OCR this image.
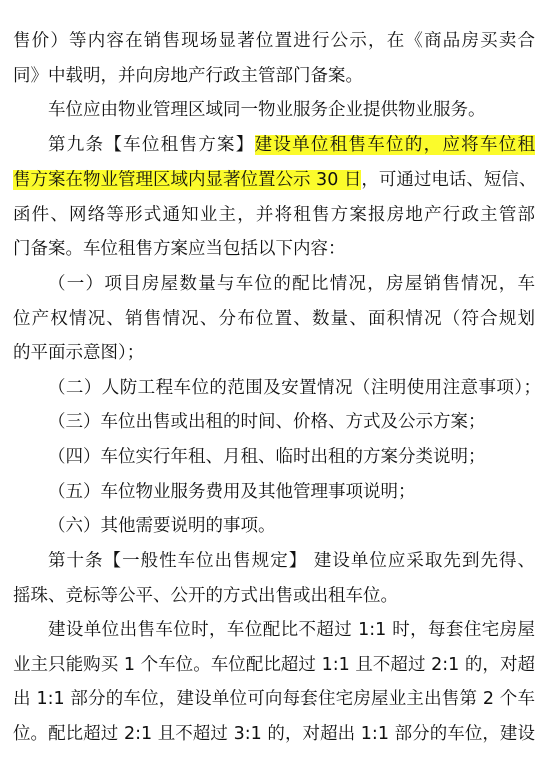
售价）等内容在销售现场显著位置进行公示，在《商品房买卖合
同》中载明，并向房地产行政主管部门备案。
车位应由物业管理区域同一物业服务企业提供物业服务。
第九条【车位租售方案】建设单位租售车位的，应将车位租
售方案在物业管理区域内显著位置公示 30 日，可通过电话、短信、
函件、网络等形式通知业主，并将租售方案报房地产行政主管部
门备案。车位租售方案应当包括以下内容：
（一）项目房屋数量与车位的配比情况，房屋销售情况，车
位产权情况、销售情况、分布位置、数量、面积情况（符合规划
的平面示意图）；
（二）人防工程车位的范围及安置情况（注明使用注意事项）；
（三）车位出售或出租的时间、价格、方式及公示方案；
（四）车位实行年租、月租、临时出租的方案分类说明；
（五）车位物业服务费用及其他管理事项说明；
（六）其他需要说明的事项。
第十条【一般性车位出售规定】 建设单位应采取先到先得、
摇珠、竞标等公平、公开的方式出售或出租车位。
建设单位出售车位时，车位配比不超过 1:1 时，每套住宅房屋
业主只能购买 1 个车位。车位配比超过 1:1 且不超过 2:1 的，对超
出 1:1 部分的车位，建设单位可向每套住宅房屋业主出售第 2 个车
位。配比超过 2:1 且不超过 3:1 的，对超出 1:1 部分的车位，建设
